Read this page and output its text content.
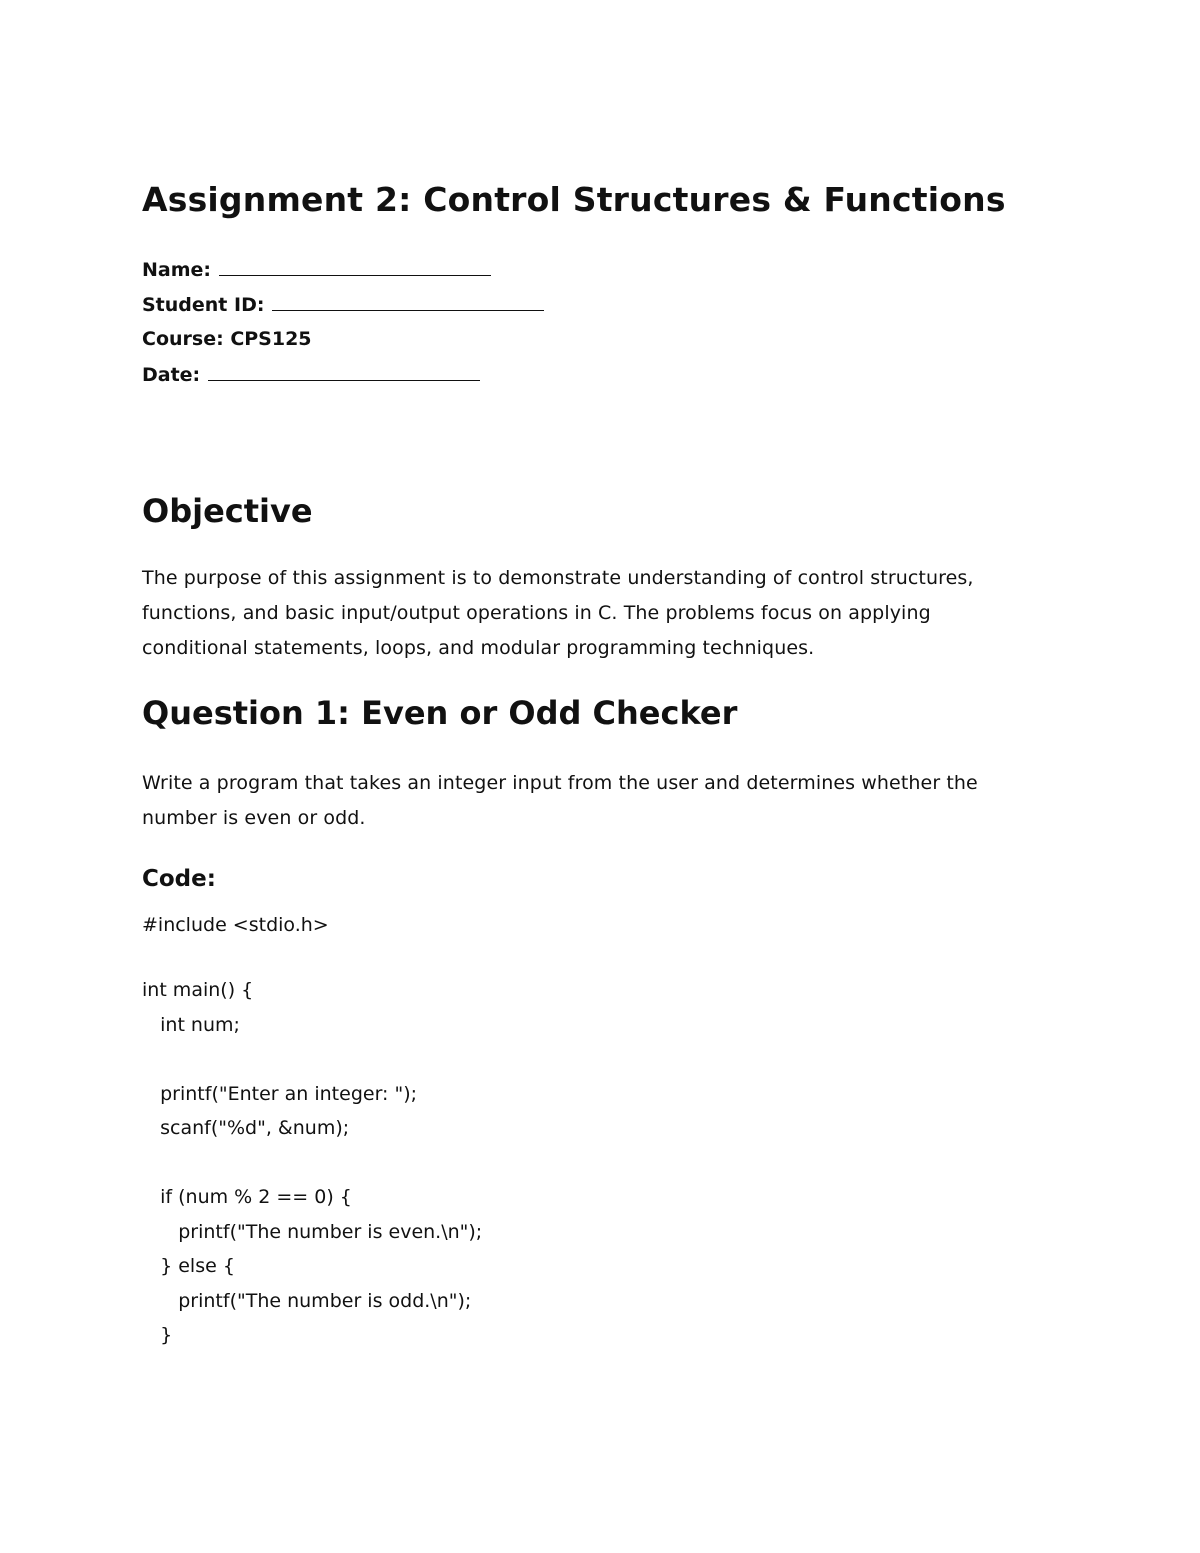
Assignment 2: Control Structures & Functions

Name:

Student ID:

Course: CPS125

Date:

Objective

The purpose of this assignment is to demonstrate understanding of control structures,
functions, and basic input/output operations in C. The problems focus on applying
conditional statements, loops, and modular programming techniques.

Question 1: Even or Odd Checker

Write a program that takes an integer input from the user and determines whether the
number is even or odd.

Code:

#include <stdio.h>

int main() {

int num;

printf("Enter an integer: ");

scanf("%d", &num);

if (num % 2 == 0) {

printf("The number is even.\n");

} else {

printf("The number is odd.\n");

}
